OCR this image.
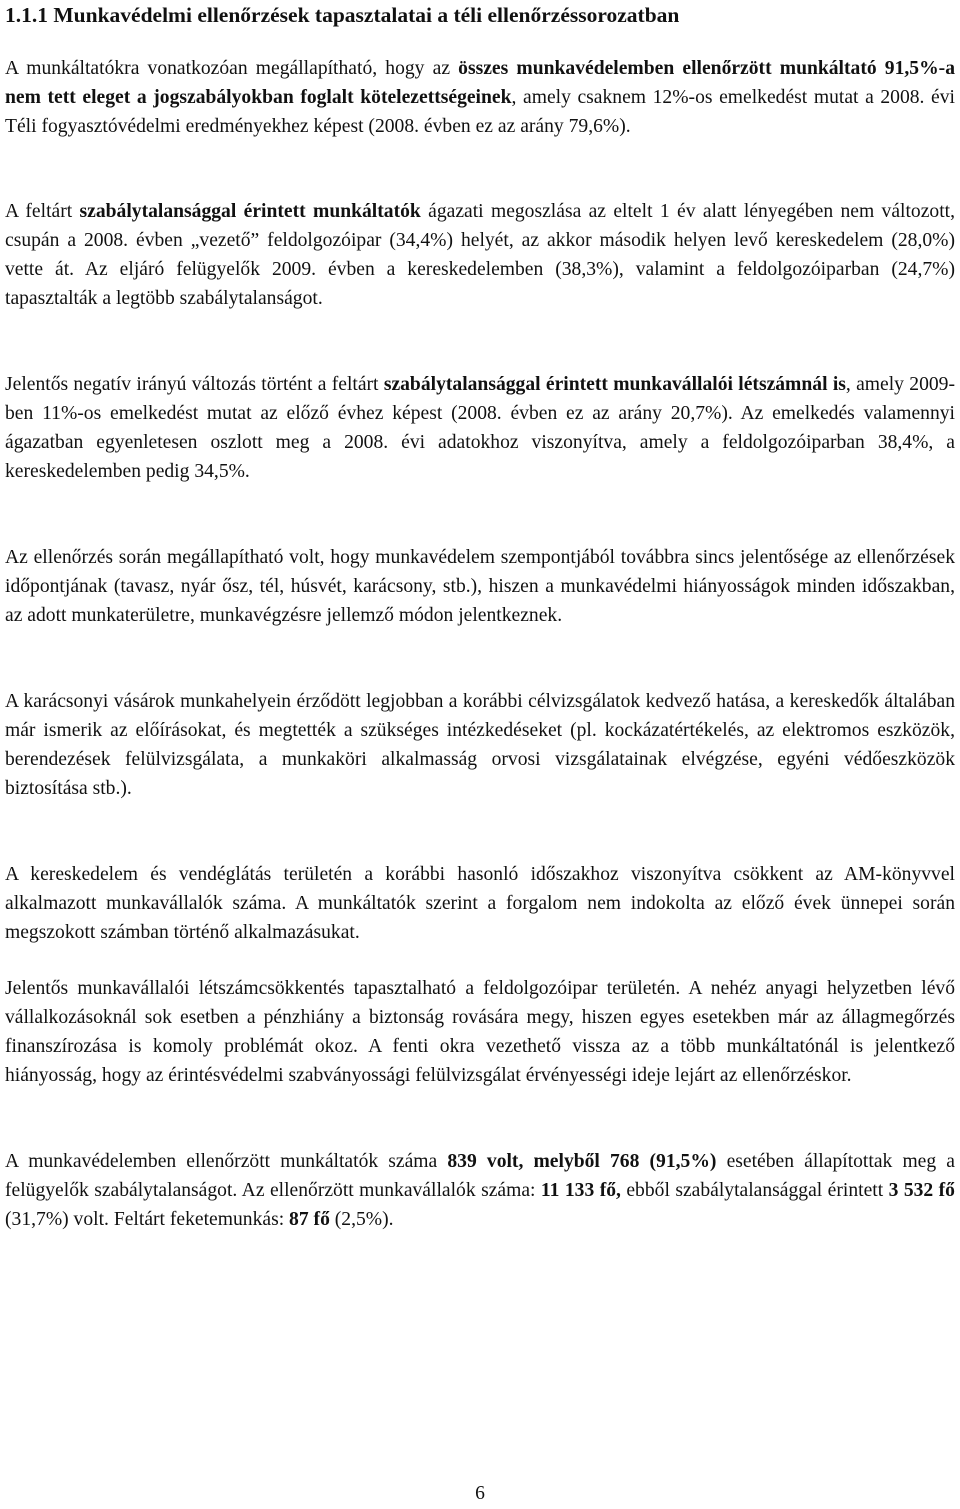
1.1.1 Munkavédelmi ellenőrzések tapasztalatai a téli ellenőrzéssorozatban

A munkáltatókra vonatkozóan megállapítható, hogy az összes munkavédelemben ellenőrzött munkáltató 91,5%-a nem tett eleget a jogszabályokban foglalt kötelezettségeinek, amely csaknem 12%-os emelkedést mutat a 2008. évi Téli fogyasztóvédelmi eredményekhez képest (2008. évben ez az arány 79,6%).

A feltárt szabálytalansággal érintett munkáltatók ágazati megoszlása az eltelt 1 év alatt lényegében nem változott, csupán a 2008. évben „vezető” feldolgozóipar (34,4%) helyét, az akkor második helyen levő kereskedelem (28,0%) vette át. Az eljáró felügyelők 2009. évben a kereskedelemben (38,3%), valamint a feldolgozóiparban (24,7%) tapasztalták a legtöbb szabálytalanságot.

Jelentős negatív irányú változás történt a feltárt szabálytalansággal érintett munkavállalói létszámnál is, amely 2009-ben 11%-os emelkedést mutat az előző évhez képest (2008. évben ez az arány 20,7%). Az emelkedés valamennyi ágazatban egyenletesen oszlott meg a 2008. évi adatokhoz viszonyítva, amely a feldolgozóiparban 38,4%, a kereskedelemben pedig 34,5%.

Az ellenőrzés során megállapítható volt, hogy munkavédelem szempontjából továbbra sincs jelentősége az ellenőrzések időpontjának (tavasz, nyár ősz, tél, húsvét, karácsony, stb.), hiszen a munkavédelmi hiányosságok minden időszakban, az adott munkaterületre, munkavégzésre jellemző módon jelentkeznek.

A karácsonyi vásárok munkahelyein érződött legjobban a korábbi célvizsgálatok kedvező hatása, a kereskedők általában már ismerik az előírásokat, és megtették a szükséges intézkedéseket (pl. kockázatértékelés, az elektromos eszközök, berendezések felülvizsgálata, a munkaköri alkalmasság orvosi vizsgálatainak elvégzése, egyéni védőeszközök biztosítása stb.).

A kereskedelem és vendéglátás területén a korábbi hasonló időszakhoz viszonyítva csökkent az AM-könyvvel alkalmazott munkavállalók száma. A munkáltatók szerint a forgalom nem indokolta az előző évek ünnepei során megszokott számban történő alkalmazásukat.

Jelentős munkavállalói létszámcsökkentés tapasztalható a feldolgozóipar területén. A nehéz anyagi helyzetben lévő vállalkozásoknál sok esetben a pénzhiány a biztonság rovására megy, hiszen egyes esetekben már az állagmegőrzés finanszírozása is komoly problémát okoz. A fenti okra vezethető vissza az a több munkáltatónál is jelentkező hiányosság, hogy az érintésvédelmi szabványossági felülvizsgálat érvényességi ideje lejárt az ellenőrzéskor.

A munkavédelemben ellenőrzött munkáltatók száma 839 volt, melyből 768 (91,5%) esetében állapítottak meg a felügyelők szabálytalanságot. Az ellenőrzött munkavállalók száma: 11 133 fő, ebből szabálytalansággal érintett 3 532 fő (31,7%) volt. Feltárt feketemunkás: 87 fő (2,5%).

6
